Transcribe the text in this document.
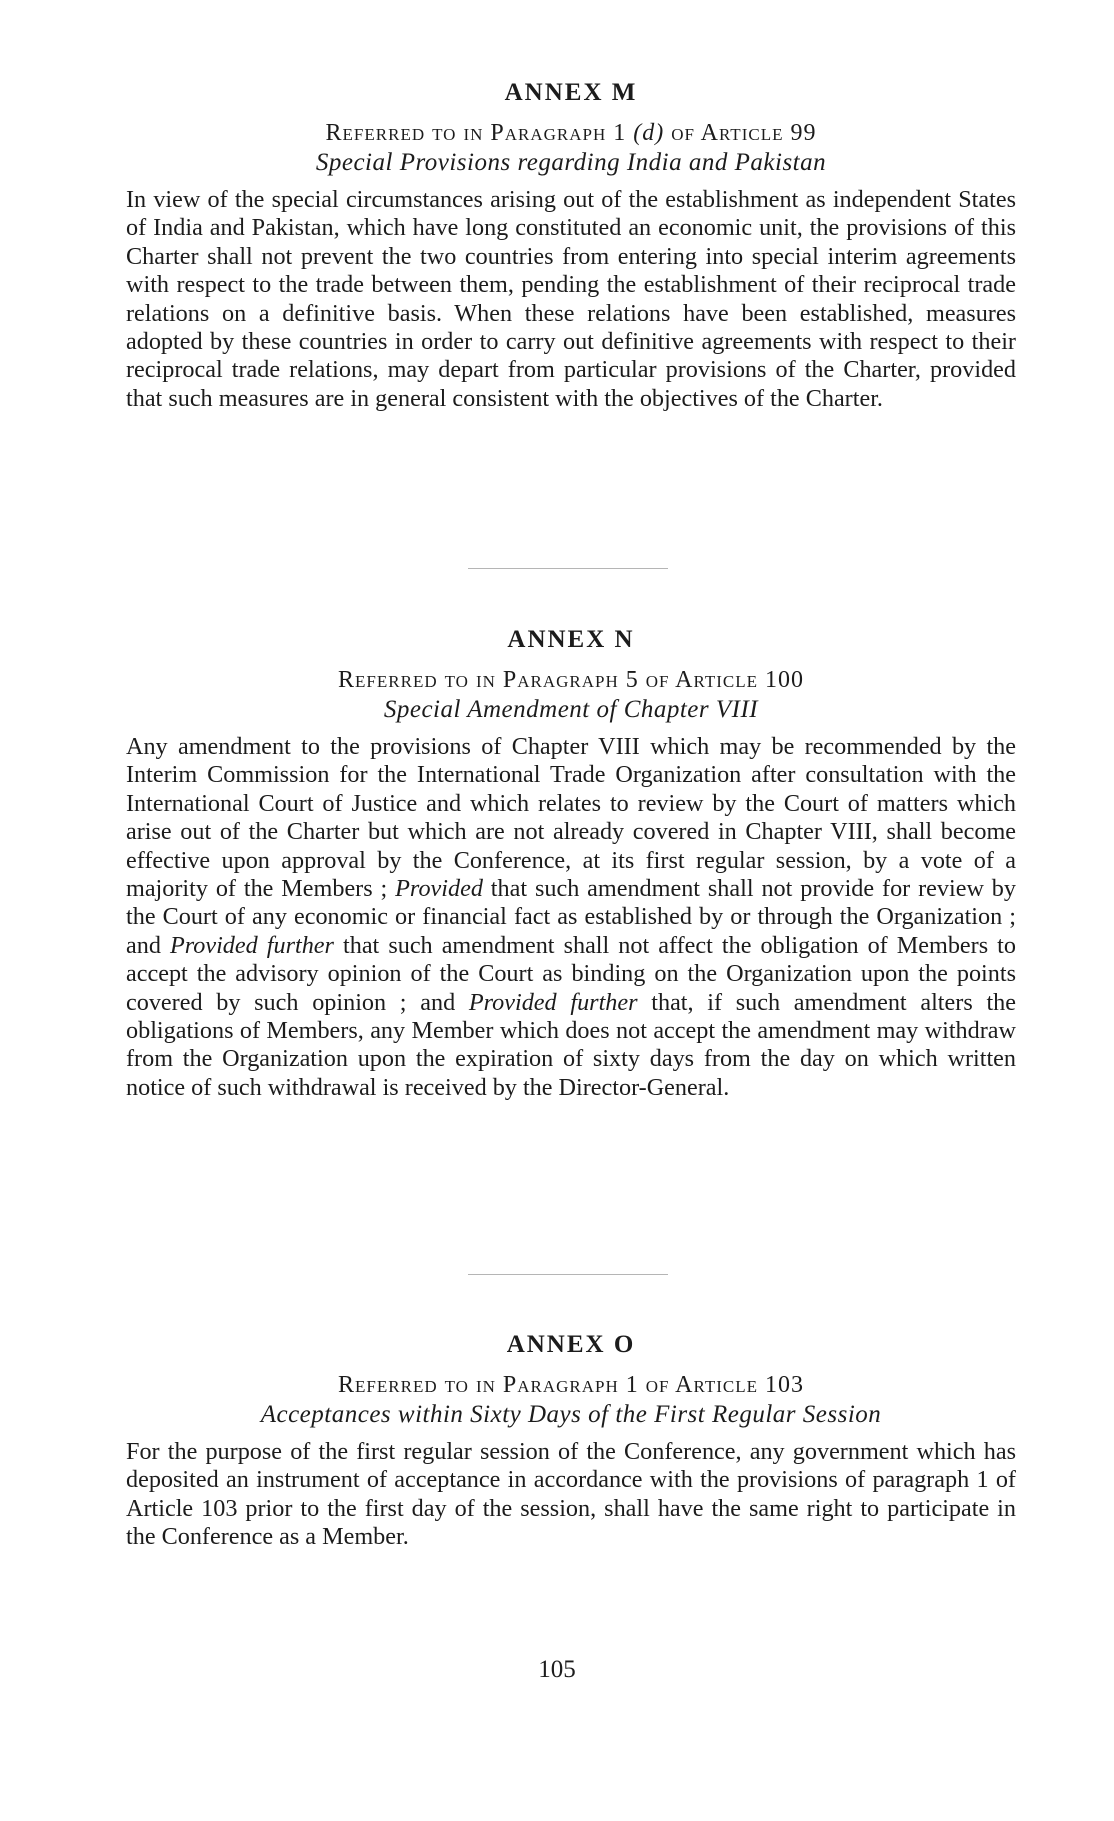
ANNEX M

Referred to in Paragraph 1 (d) of Article 99

Special Provisions regarding India and Pakistan

In view of the special circumstances arising out of the establishment as independent States of India and Pakistan, which have long constituted an economic unit, the provisions of this Charter shall not prevent the two countries from entering into special interim agreements with respect to the trade between them, pending the establishment of their reciprocal trade relations on a definitive basis. When these relations have been established, measures adopted by these countries in order to carry out definitive agreements with respect to their reciprocal trade relations, may depart from particular provisions of the Charter, provided that such measures are in general consistent with the objectives of the Charter.

ANNEX N

Referred to in Paragraph 5 of Article 100

Special Amendment of Chapter VIII

Any amendment to the provisions of Chapter VIII which may be recommended by the Interim Commission for the International Trade Organization after consultation with the International Court of Justice and which relates to review by the Court of matters which arise out of the Charter but which are not already covered in Chapter VIII, shall become effective upon approval by the Conference, at its first regular session, by a vote of a majority of the Members ; Provided that such amendment shall not provide for review by the Court of any economic or financial fact as established by or through the Organization ; and Provided further that such amendment shall not affect the obligation of Members to accept the advisory opinion of the Court as binding on the Organization upon the points covered by such opinion ; and Provided further that, if such amendment alters the obligations of Members, any Member which does not accept the amendment may withdraw from the Organization upon the expiration of sixty days from the day on which written notice of such withdrawal is received by the Director-General.

ANNEX O

Referred to in Paragraph 1 of Article 103

Acceptances within Sixty Days of the First Regular Session

For the purpose of the first regular session of the Conference, any government which has deposited an instrument of acceptance in accordance with the provisions of paragraph 1 of Article 103 prior to the first day of the session, shall have the same right to participate in the Conference as a Member.

105
